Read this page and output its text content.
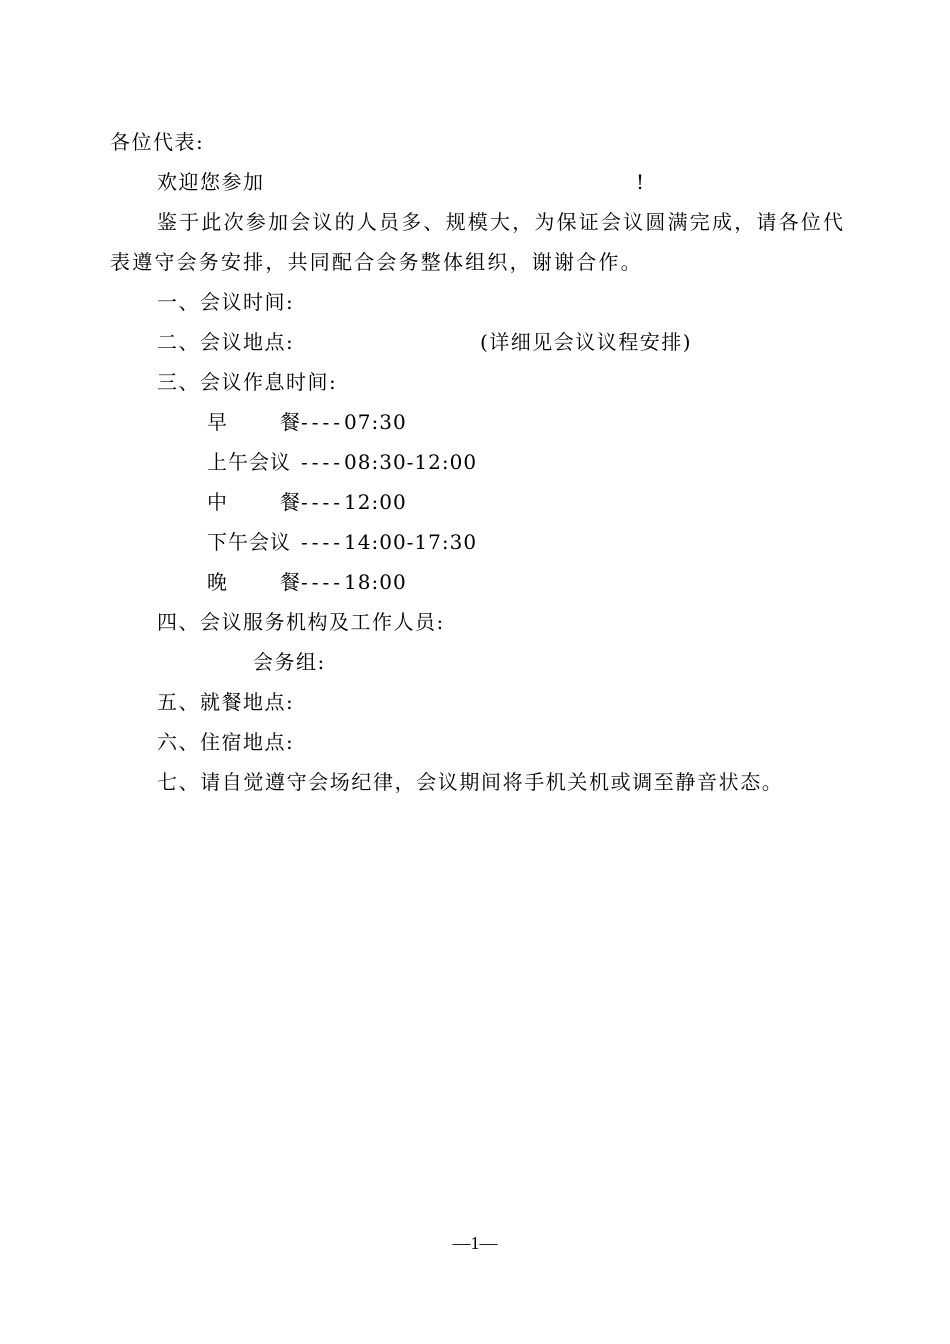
各位代表:
欢迎您参加	!
鉴于此次参加会议的人员多、规模大，为保证会议圆满完成，请各位代
表遵守会务安排，共同配合会务整体组织，谢谢合作。
一、会议时间:
二、会议地点:	(详细见会议议程安排)
三、会议作息时间:
早	餐 ----07:30
上午会议 ----08:30-12:00
中	餐 ----12:00
下午会议 ----14:00-17:30
晚	餐 ----18:00
四、会议服务机构及工作人员:
会务组:
五、就餐地点:
六、住宿地点:
七、请自觉遵守会场纪律，会议期间将手机关机或调至静音状态。
—1—
